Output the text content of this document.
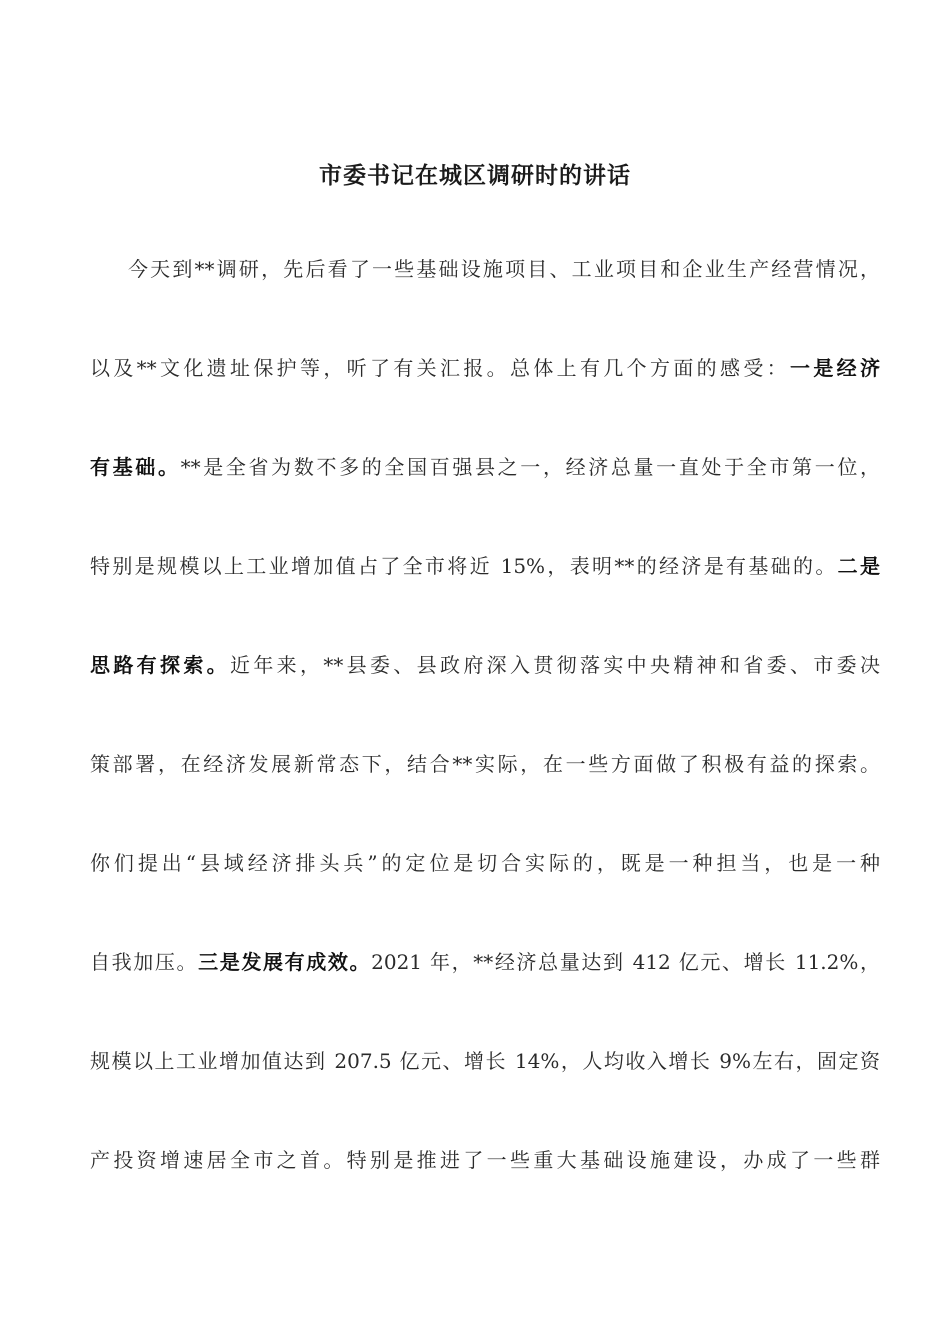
市委书记在城区调研时的讲话
今天到**调研，先后看了一些基础设施项目、工业项目和企业生产经营情况，
以及**文化遗址保护等，听了有关汇报。总体上有几个方面的感受：一是经济
有基础。**是全省为数不多的全国百强县之一，经济总量一直处于全市第一位，
特别是规模以上工业增加值占了全市将近 15%，表明**的经济是有基础的。二是
思路有探索。近年来，**县委、县政府深入贯彻落实中央精神和省委、市委决
策部署，在经济发展新常态下，结合**实际，在一些方面做了积极有益的探索。
你们提出“县域经济排头兵”的定位是切合实际的，既是一种担当，也是一种
自我加压。三是发展有成效。2021 年，**经济总量达到 412 亿元、增长 11.2%，
规模以上工业增加值达到 207.5 亿元、增长 14%，人均收入增长 9%左右，固定资
产投资增速居全市之首。特别是推进了一些重大基础设施建设，办成了一些群
